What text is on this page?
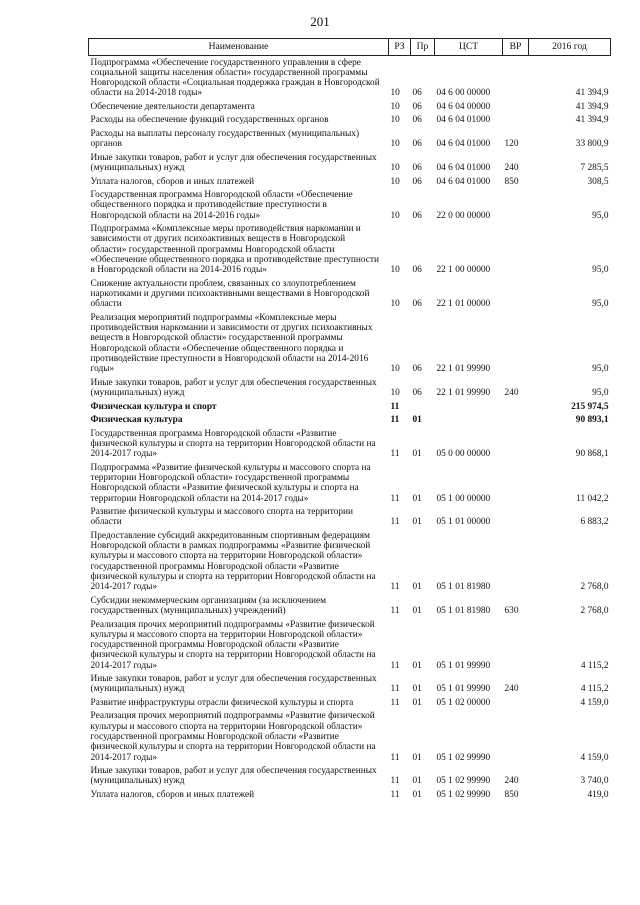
201
Наименование	РЗ	Пр	ЦСТ	ВР	2016 год
Подпрограмма «Обеспечение государственного управления в сфере социальной защиты населения области» государственной программы Новгородской области «Социальная поддержка граждан в Новгородской области на 2014-2018 годы»	10	06	04 6 00 00000		41 394,9
Обеспечение деятельности департамента	10	06	04 6 04 00000		41 394,9
Расходы на обеспечение функций государственных органов	10	06	04 6 04 01000		41 394,9
Расходы на выплаты персоналу государственных (муниципальных) органов	10	06	04 6 04 01000	120	33 800,9
Иные закупки товаров, работ и услуг для обеспечения государственных (муниципальных) нужд	10	06	04 6 04 01000	240	7 285,5
Уплата налогов, сборов и иных платежей	10	06	04 6 04 01000	850	308,5
Государственная программа Новгородской области «Обеспечение общественного порядка и противодействие преступности в Новгородской области на 2014-2016 годы»	10	06	22 0 00 00000		95,0
Подпрограмма «Комплексные меры противодействия наркомании и зависимости от других психоактивных веществ в Новгородской области» государственной программы Новгородской области «Обеспечение общественного порядка и противодействие преступности в Новгородской области на 2014-2016 годы»	10	06	22 1 00 00000		95,0
Снижение актуальности проблем, связанных со злоупотреблением наркотиками и другими психоактивными веществами в Новгородской области	10	06	22 1 01 00000		95,0
Реализация мероприятий подпрограммы «Комплексные меры противодействия наркомании и зависимости от других психоактивных веществ в Новгородской области» государственной программы Новгородской области «Обеспечение общественного порядка и противодействие преступности в Новгородской области на 2014-2016 годы»	10	06	22 1 01 99990		95,0
Иные закупки товаров, работ и услуг для обеспечения государственных (муниципальных) нужд	10	06	22 1 01 99990	240	95,0
Физическая культура и спорт	11				215 974,5
Физическая культура	11	01			90 893,1
Государственная программа Новгородской области «Развитие физической культуры и спорта на территории Новгородской области на 2014-2017 годы»	11	01	05 0 00 00000		90 868,1
Подпрограмма «Развитие физической культуры и массового спорта на территории Новгородской области» государственной программы Новгородской области «Развитие физической культуры и спорта на территории Новгородской области на 2014-2017 годы»	11	01	05 1 00 00000		11 042,2
Развитие физической культуры и массового спорта на территории области	11	01	05 1 01 00000		6 883,2
Предоставление субсидий аккредитованным спортивным федерациям Новгородской области в рамках подпрограммы «Развитие физической культуры и массового спорта на территории Новгородской области» государственной программы Новгородской области «Развитие физической культуры и спорта на территории Новгородской области на 2014-2017 годы»	11	01	05 1 01 81980		2 768,0
Субсидии некоммерческим организациям (за исключением государственных (муниципальных) учреждений)	11	01	05 1 01 81980	630	2 768,0
Реализация прочих мероприятий подпрограммы «Развитие физической культуры и массового спорта на территории Новгородской области» государственной программы Новгородской области «Развитие физической культуры и спорта на территории Новгородской области на 2014-2017 годы»	11	01	05 1 01 99990		4 115,2
Иные закупки товаров, работ и услуг для обеспечения государственных (муниципальных) нужд	11	01	05 1 01 99990	240	4 115,2
Развитие инфраструктуры отрасли физической культуры и спорта	11	01	05 1 02 00000		4 159,0
Реализация прочих мероприятий подпрограммы «Развитие физической культуры и массового спорта на территории Новгородской области» государственной программы Новгородской области «Развитие физической культуры и спорта на территории Новгородской области на 2014-2017 годы»	11	01	05 1 02 99990		4 159,0
Иные закупки товаров, работ и услуг для обеспечения государственных (муниципальных) нужд	11	01	05 1 02 99990	240	3 740,0
Уплата налогов, сборов и иных платежей	11	01	05 1 02 99990	850	419,0
